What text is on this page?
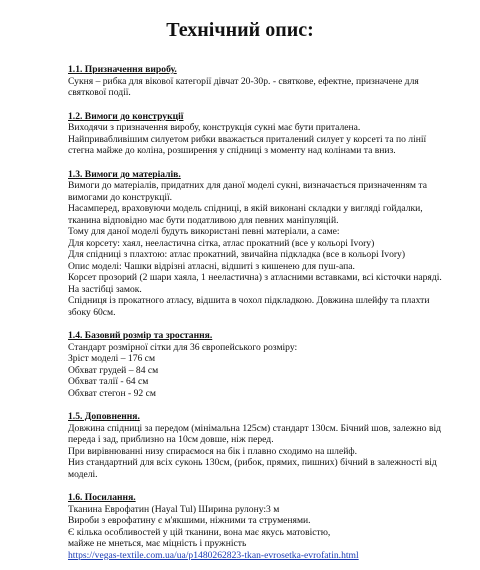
Технічний опис:

1.1. Призначення виробу.

Сукня – рибка для вікової категорії дівчат 20-30р. - святкове, ефектне, призначене для святкової події.

1.2. Вимоги до конструкції

Виходячи з призначення виробу, конструкція сукні має бути приталена.

Найпривабливішим силуетом рибки вважається приталений силует у корсеті та по лінії стегна майже до коліна, розширення у спідниці з моменту над колінами та вниз.

1.3. Вимоги до матеріалів.

Вимоги до матеріалів, придатних для даної моделі сукні, визначається призначенням та вимогами до конструкції.

Насамперед, враховуючи модель спідниці, в якій виконані складки у вигляді гойдалки, тканина відповідно має бути податливою для певних маніпуляцій.

Тому для даної моделі будуть використані певні матеріали, а саме:

Для корсету: хаял, нееластична сітка, атлас прокатний (все у кольорі Ivory)

Для спідниці з плахтою: атлас прокатний, звичайна підкладка (все в кольорі Ivory)

Опис моделі: Чашки відрізні атласні, відшиті з кишенею для пуш-апа.

Корсет прозорий (2 шари хаяла, 1 нееластична) з атласними вставками, всі кісточки наряді. На застібці замок.

Спідниця із прокатного атласу, відшита в чохол підкладкою. Довжина шлейфу та плахти збоку 60см.

1.4. Базовий розмір та зростання.

Стандарт розмірної сітки для 36 європейського розміру:

Зріст моделі – 176 см

Обхват грудей – 84 см

Обхват талії - 64 см

Обхват стегон - 92 см

1.5. Доповнення.

Довжина спідниці за передом (мінімальна 125см) стандарт 130см. Бічний шов, залежно від переда і зад, приблизно на 10см довше, ніж перед.

При вирівнюванні низу спираємося на бік і плавно сходимо на шлейф.

Низ стандартний для всіх суконь 130см, (рибок, прямих, пишних) бічний в залежності від моделі.

1.6. Посилання.

Тканина Еврофатин (Hayal Tul) Ширина рулону:3 м

Вироби з еврофатину є м'якшими, ніжними та струменями.

Є кілька особливостей у цій тканини, вона має якусь матовістю,

майже не мнеться, має міцність і пружність

https://vegas-textile.com.ua/ua/p1480262823-tkan-evrosetka-evrofatin.html
